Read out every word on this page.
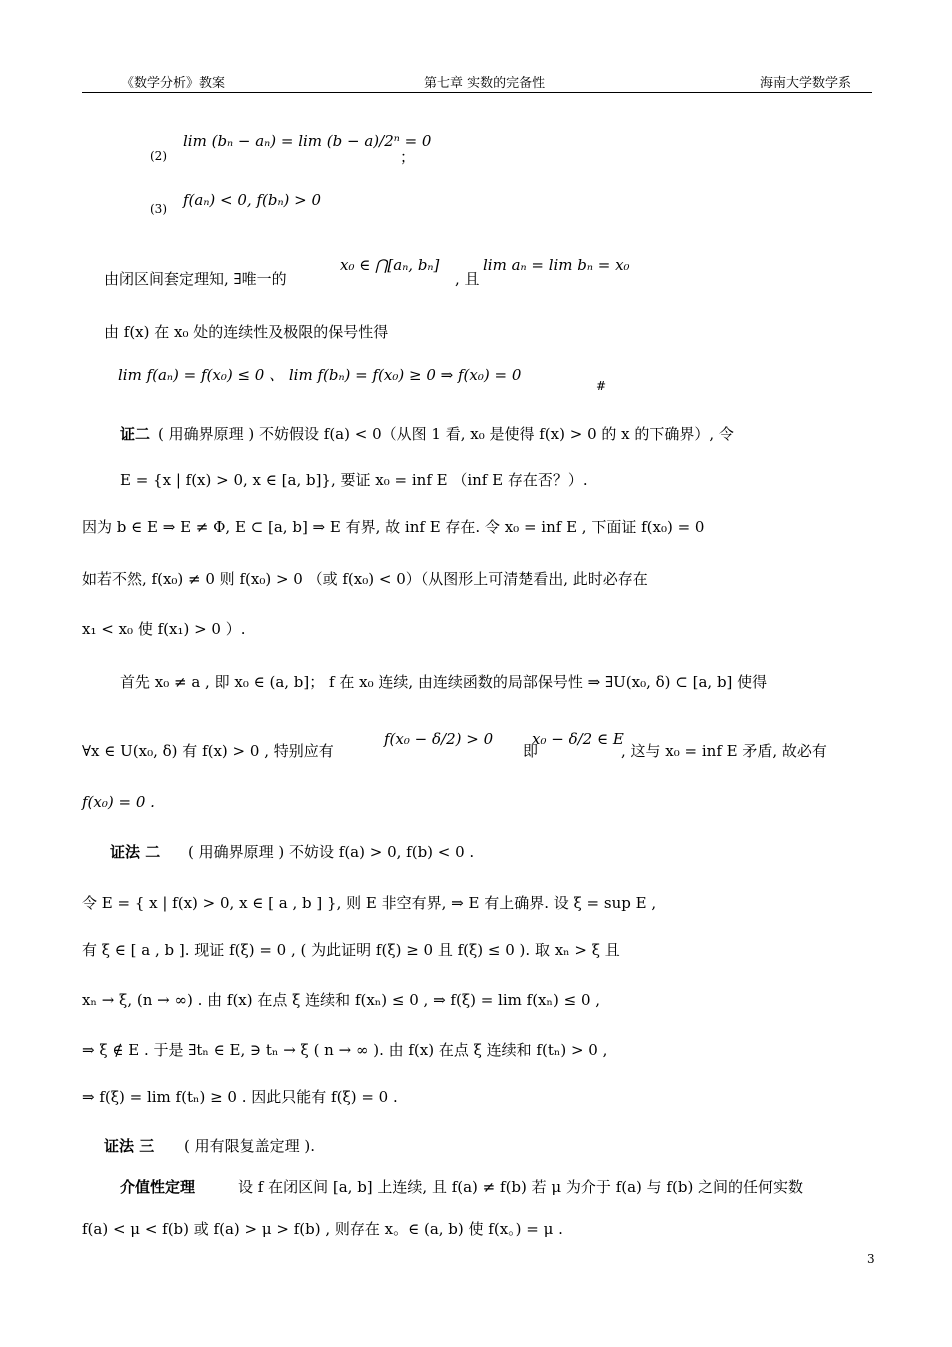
《数学分析》教案	第七章 实数的完备性	海南大学数学系
(2)
lim (bₙ − aₙ) = lim (b − a)/2ⁿ = 0
；
(3) f(aₙ) < 0, f(bₙ) > 0
由闭区间套定理知, ∃唯一的
x₀ ∈ ⋂[aₙ, bₙ]
, 且
lim aₙ = lim bₙ = x₀
由 f(x) 在 x₀ 处的连续性及极限的保号性得
lim f(aₙ) = f(x₀) ≤ 0 、 lim f(bₙ) = f(x₀) ≥ 0 ⇒ f(x₀) = 0
#
证二 ( 用确界原理 ) 不妨假设 f(a) < 0（从图 1 看, x₀ 是使得 f(x) > 0 的 x 的下确界）, 令
E = {x | f(x) > 0, x ∈ [a, b]}, 要证 x₀ = inf E （inf E 存在否？）.
因为 b ∈ E ⇒ E ≠ Φ, E ⊂ [a, b] ⇒ E 有界, 故 inf E 存在. 令 x₀ = inf E , 下面证 f(x₀) = 0
如若不然, f(x₀) ≠ 0 则 f(x₀) > 0 （或 f(x₀) < 0）（从图形上可清楚看出, 此时必存在
x₁ < x₀ 使 f(x₁) > 0 ）.
首先 x₀ ≠ a , 即 x₀ ∈ (a, b]； f 在 x₀ 连续, 由连续函数的局部保号性 ⇒ ∃U(x₀, δ) ⊂ [a, b] 使得
∀x ∈ U(x₀, δ) 有 f(x) > 0 , 特别应有
f(x₀ − δ/2) > 0
即
x₀ − δ/2 ∈ E
, 这与 x₀ = inf E 矛盾, 故必有
f(x₀) = 0 .
证法 二 ( 用确界原理 ) 不妨设 f(a) > 0, f(b) < 0 .
令 E = { x | f(x) > 0, x ∈ [ a , b ] }, 则 E 非空有界, ⇒ E 有上确界. 设 ξ = sup E ,
有 ξ ∈ [ a , b ]. 现证 f(ξ) = 0 , ( 为此证明 f(ξ) ≥ 0 且 f(ξ) ≤ 0 ). 取 xₙ > ξ 且
xₙ → ξ, (n → ∞) . 由 f(x) 在点 ξ 连续和 f(xₙ) ≤ 0 , ⇒ f(ξ) = lim f(xₙ) ≤ 0 ,
⇒ ξ ∉ E . 于是 ∃tₙ ∈ E, ∋ tₙ → ξ ( n → ∞ ). 由 f(x) 在点 ξ 连续和 f(tₙ) > 0 ,
⇒ f(ξ) = lim f(tₙ) ≥ 0 . 因此只能有 f(ξ) = 0 .
证法 三 ( 用有限复盖定理 ).
介值性定理	设 f 在闭区间 [a, b] 上连续, 且 f(a) ≠ f(b) 若 μ 为介于 f(a) 与 f(b) 之间的任何实数
f(a) < μ < f(b) 或 f(a) > μ > f(b) , 则存在 x。∈ (a, b) 使 f(x。) = μ .
3
